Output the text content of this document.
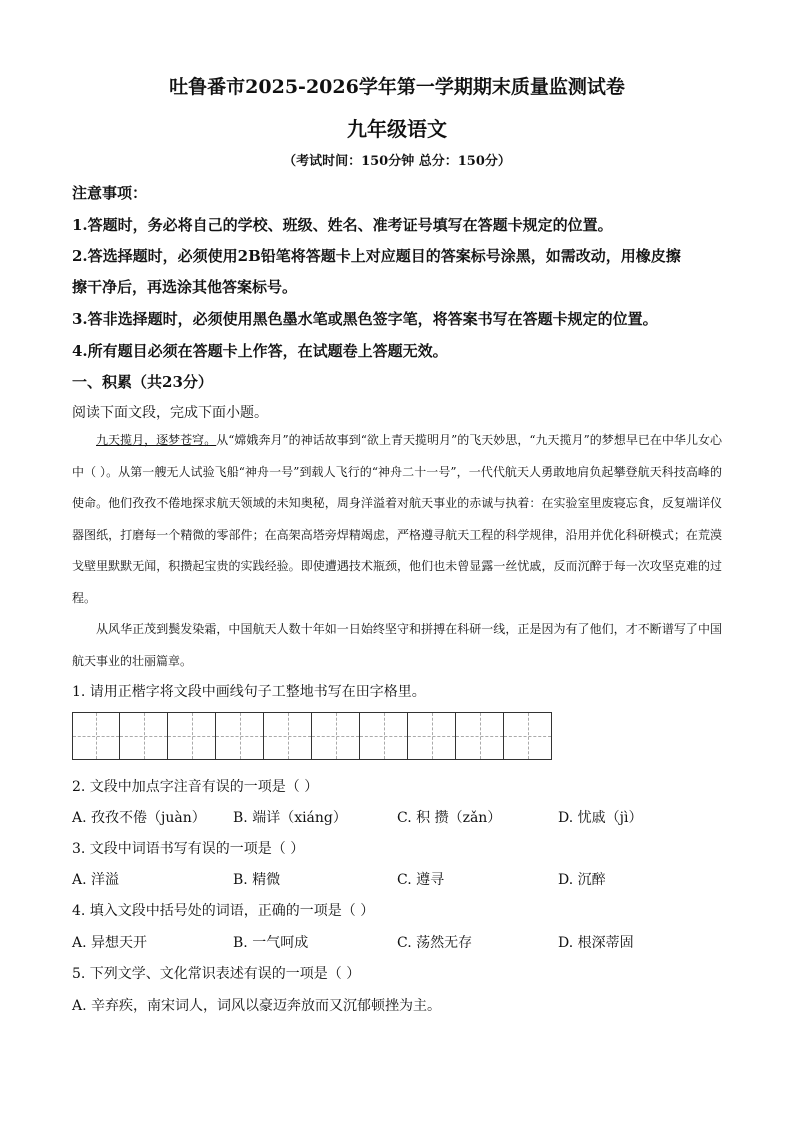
吐鲁番市2025-2026学年第一学期期末质量监测试卷
九年级语文
（考试时间：150分钟 总分：150分）
注意事项：
1.答题时，务必将自己的学校、班级、姓名、准考证号填写在答题卡规定的位置。
2.答选择题时，必须使用2B铅笔将答题卡上对应题目的答案标号涂黑，如需改动，用橡皮擦
擦干净后，再选涂其他答案标号。
3.答非选择题时，必须使用黑色墨水笔或黑色签字笔，将答案书写在答题卡规定的位置。
4.所有题目必须在答题卡上作答，在试题卷上答题无效。
一、积累（共23分）
阅读下面文段，完成下面小题。

九天揽月，逐梦苍穹。从“嫦娥奔月”的神话故事到“欲上青天揽明月”的飞天妙思，“九天揽月”的梦想早已在中华儿女心中（ ）。从第一艘无人试验飞船“神舟一号”到载人飞行的“神舟二十一号”，一代代航天人勇敢地肩负起攀登航天科技高峰的使命。他们孜孜不倦地探求航天领域的未知奥秘，周身洋溢着对航天事业的赤诚与执着：在实验室里废寝忘食，反复端详仪器图纸，打磨每一个精微的零部件；在高架高塔旁焊精竭虑，严格遵寻航天工程的科学规律，沿用并优化科研模式；在荒漠戈壁里默默无闻，积攒起宝贵的实践经验。即使遭遇技术瓶颈，他们也未曾显露一丝忧戚，反而沉醉于每一次攻坚克难的过程。

从风华正茂到鬓发染霜，中国航天人数十年如一日始终坚守和拼搏在科研一线，正是因为有了他们，才不断谱写了中国航天事业的壮丽篇章。

1. 请用正楷字将文段中画线句子工整地书写在田字格里。
2. 文段中加点字注音有误的一项是（ ）
A. 孜孜不倦（juàn） B. 端详（xiáng）	C. 积 攒（zǎn）	D. 忧戚（jì）
3. 文段中词语书写有误的一项是（ ）
A. 洋溢	B. 精微	C. 遵寻	D. 沉醉
4. 填入文段中括号处的词语，正确的一项是（ ）
A. 异想天开	B. 一气呵成	C. 荡然无存	D. 根深蒂固
5. 下列文学、文化常识表述有误的一项是（ ）
A. 辛弃疾，南宋词人，词风以豪迈奔放而又沉郁顿挫为主。
